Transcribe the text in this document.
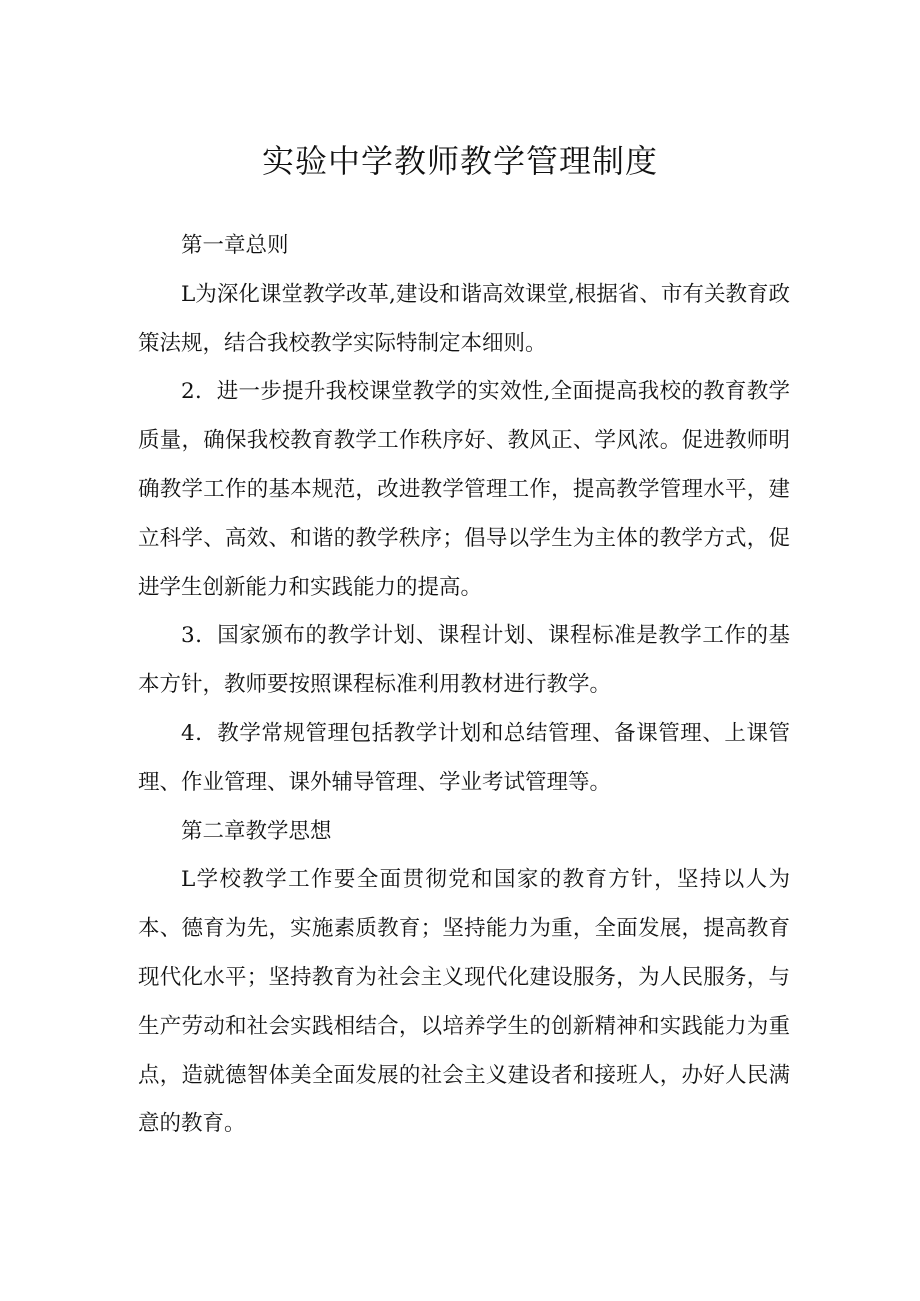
实验中学教师教学管理制度

第一章总则

L为深化课堂教学改革,建设和谐高效课堂,根据省、市有关教育政策法规，结合我校教学实际特制定本细则。

2．进一步提升我校课堂教学的实效性,全面提高我校的教育教学质量，确保我校教育教学工作秩序好、教风正、学风浓。促进教师明确教学工作的基本规范，改进教学管理工作，提高教学管理水平，建立科学、高效、和谐的教学秩序；倡导以学生为主体的教学方式，促进学生创新能力和实践能力的提高。

3．国家颁布的教学计划、课程计划、课程标准是教学工作的基本方针，教师要按照课程标准利用教材进行教学。

4．教学常规管理包括教学计划和总结管理、备课管理、上课管理、作业管理、课外辅导管理、学业考试管理等。

第二章教学思想

L学校教学工作要全面贯彻党和国家的教育方针，坚持以人为本、德育为先，实施素质教育；坚持能力为重，全面发展，提高教育现代化水平；坚持教育为社会主义现代化建设服务，为人民服务，与生产劳动和社会实践相结合，以培养学生的创新精神和实践能力为重点，造就德智体美全面发展的社会主义建设者和接班人，办好人民满意的教育。
